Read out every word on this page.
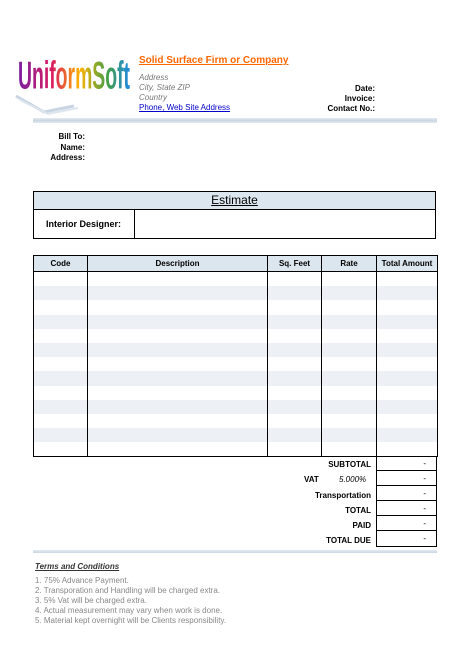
UniformSoft Solid Surface Firm or Company
Address
City, State ZIP
Country
Phone, Web Site Address
Date:
Invoice:
Contact No.:
Bill To:
Name:
Address:
Estimate
Interior Designer:
Code	Description	Sq. Feet	Rate	Total Amount

SUBTOTAL	-
VAT	5.000%	-
Transportation	-
TOTAL	-
PAID	-
TOTAL DUE	-
Terms and Conditions
1. 75% Advance Payment.
2. Transporation and Handling will be charged extra.
3. 5% Vat will be charged extra.
4. Actual measurement may vary when work is done.
5. Material kept overnight will be Clients responsibility.
